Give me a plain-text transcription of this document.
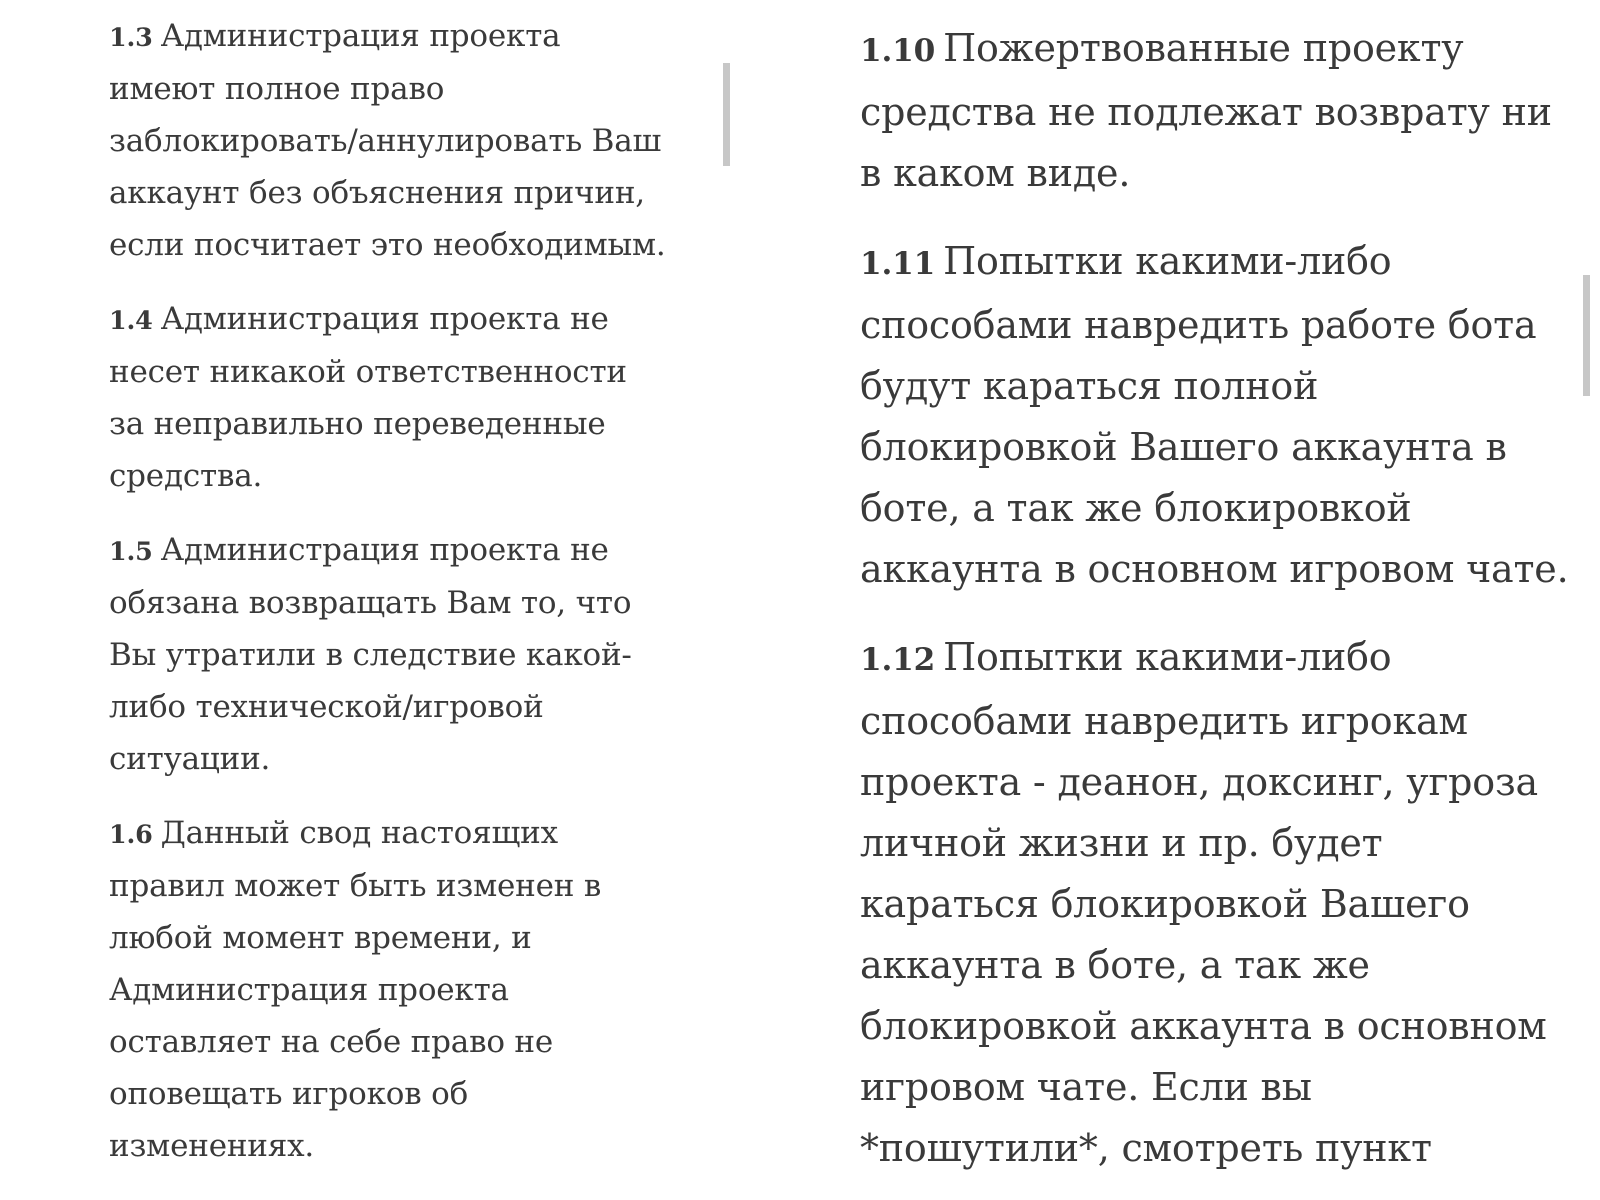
1.3 Администрация проекта имеют полное право заблокировать/аннулировать Ваш аккаунт без объяснения причин, если посчитает это необходимым.

1.4 Администрация проекта не несет никакой ответственности за неправильно переведенные средства.

1.5 Администрация проекта не обязана возвращать Вам то, что Вы утратили в следствие какой-либо технической/игровой ситуации.

1.6 Данный свод настоящих правил может быть изменен в любой момент времени, и Администрация проекта оставляет на себе право не оповещать игроков об изменениях.

1.10 Пожертвованные проекту средства не подлежат возврату ни в каком виде.

1.11 Попытки какими-либо способами навредить работе бота будут караться полной блокировкой Вашего аккаунта в боте, а так же блокировкой аккаунта в основном игровом чате.

1.12 Попытки какими-либо способами навредить игрокам проекта - деанон, доксинг, угроза личной жизни и пр. будет караться блокировкой Вашего аккаунта в боте, а так же блокировкой аккаунта в основном игровом чате. Если вы *пошутили*, смотреть пункт
